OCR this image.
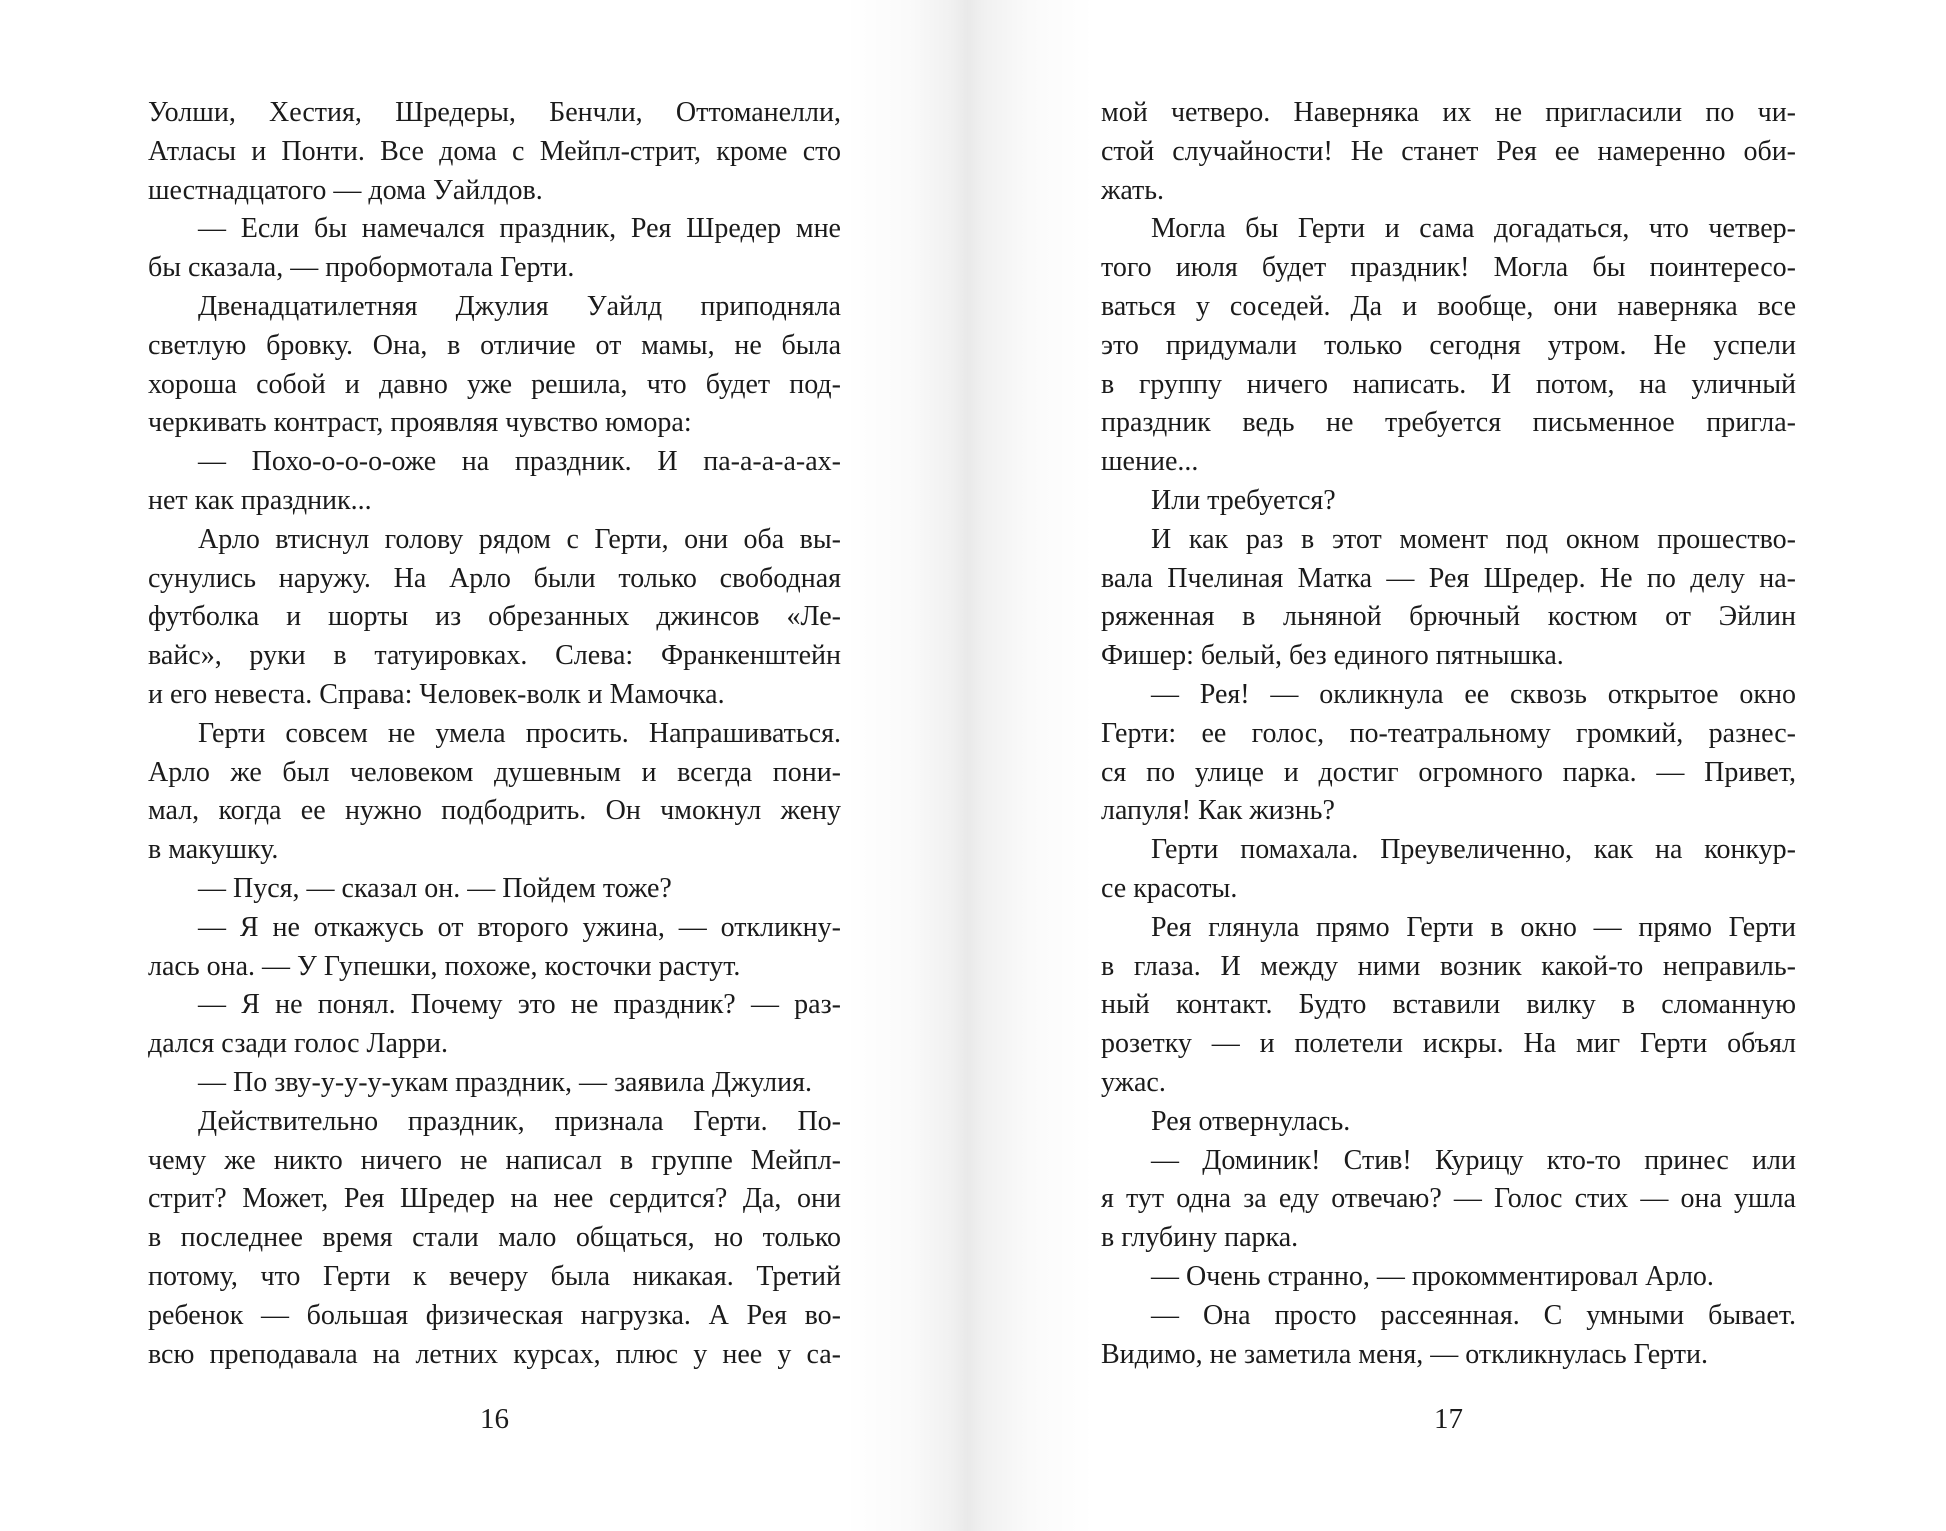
Уолши, Хестия, Шредеры, Бенчли, Оттоманелли,
Атласы и Понти. Все дома с Мейпл-стрит, кроме сто
шестнадцатого — дома Уайлдов.
— Если бы намечался праздник, Рея Шредер мне
бы сказала, — пробормотала Герти.
Двенадцатилетняя Джулия Уайлд приподняла
светлую бровку. Она, в отличие от мамы, не была
хороша собой и давно уже решила, что будет под-
черкивать контраст, проявляя чувство юмора:
— Похо-о-о-о-оже на праздник. И па-а-а-а-ах-
нет как праздник...
Арло втиснул голову рядом с Герти, они оба вы-
сунулись наружу. На Арло были только свободная
футболка и шорты из обрезанных джинсов «Ле-
вайс», руки в татуировках. Слева: Франкенштейн
и его невеста. Справа: Человек-волк и Мамочка.
Герти совсем не умела просить. Напрашиваться.
Арло же был человеком душевным и всегда пони-
мал, когда ее нужно подбодрить. Он чмокнул жену
в макушку.
— Пуся, — сказал он. — Пойдем тоже?
— Я не откажусь от второго ужина, — откликну-
лась она. — У Гупешки, похоже, косточки растут.
— Я не понял. Почему это не праздник? — раз-
дался сзади голос Ларри.
— По зву-у-у-у-укам праздник, — заявила Джулия.
Действительно праздник, признала Герти. По-
чему же никто ничего не написал в группе Мейпл-
стрит? Может, Рея Шредер на нее сердится? Да, они
в последнее время стали мало общаться, но только
потому, что Герти к вечеру была никакая. Третий
ребенок — большая физическая нагрузка. А Рея во-
всю преподавала на летних курсах, плюс у нее у са-
16
мой четверо. Наверняка их не пригласили по чи-
стой случайности! Не станет Рея ее намеренно оби-
жать.
Могла бы Герти и сама догадаться, что четвер-
того июля будет праздник! Могла бы поинтересо-
ваться у соседей. Да и вообще, они наверняка все
это придумали только сегодня утром. Не успели
в группу ничего написать. И потом, на уличный
праздник ведь не требуется письменное пригла-
шение...
Или требуется?
И как раз в этот момент под окном прошество-
вала Пчелиная Матка — Рея Шредер. Не по делу на-
ряженная в льняной брючный костюм от Эйлин
Фишер: белый, без единого пятнышка.
— Рея! — окликнула ее сквозь открытое окно
Герти: ее голос, по-театральному громкий, разнес-
ся по улице и достиг огромного парка. — Привет,
лапуля! Как жизнь?
Герти помахала. Преувеличенно, как на конкур-
се красоты.
Рея глянула прямо Герти в окно — прямо Герти
в глаза. И между ними возник какой-то неправиль-
ный контакт. Будто вставили вилку в сломанную
розетку — и полетели искры. На миг Герти объял
ужас.
Рея отвернулась.
— Доминик! Стив! Курицу кто-то принес или
я тут одна за еду отвечаю? — Голос стих — она ушла
в глубину парка.
— Очень странно, — прокомментировал Арло.
— Она просто рассеянная. С умными бывает.
Видимо, не заметила меня, — откликнулась Герти.
17
